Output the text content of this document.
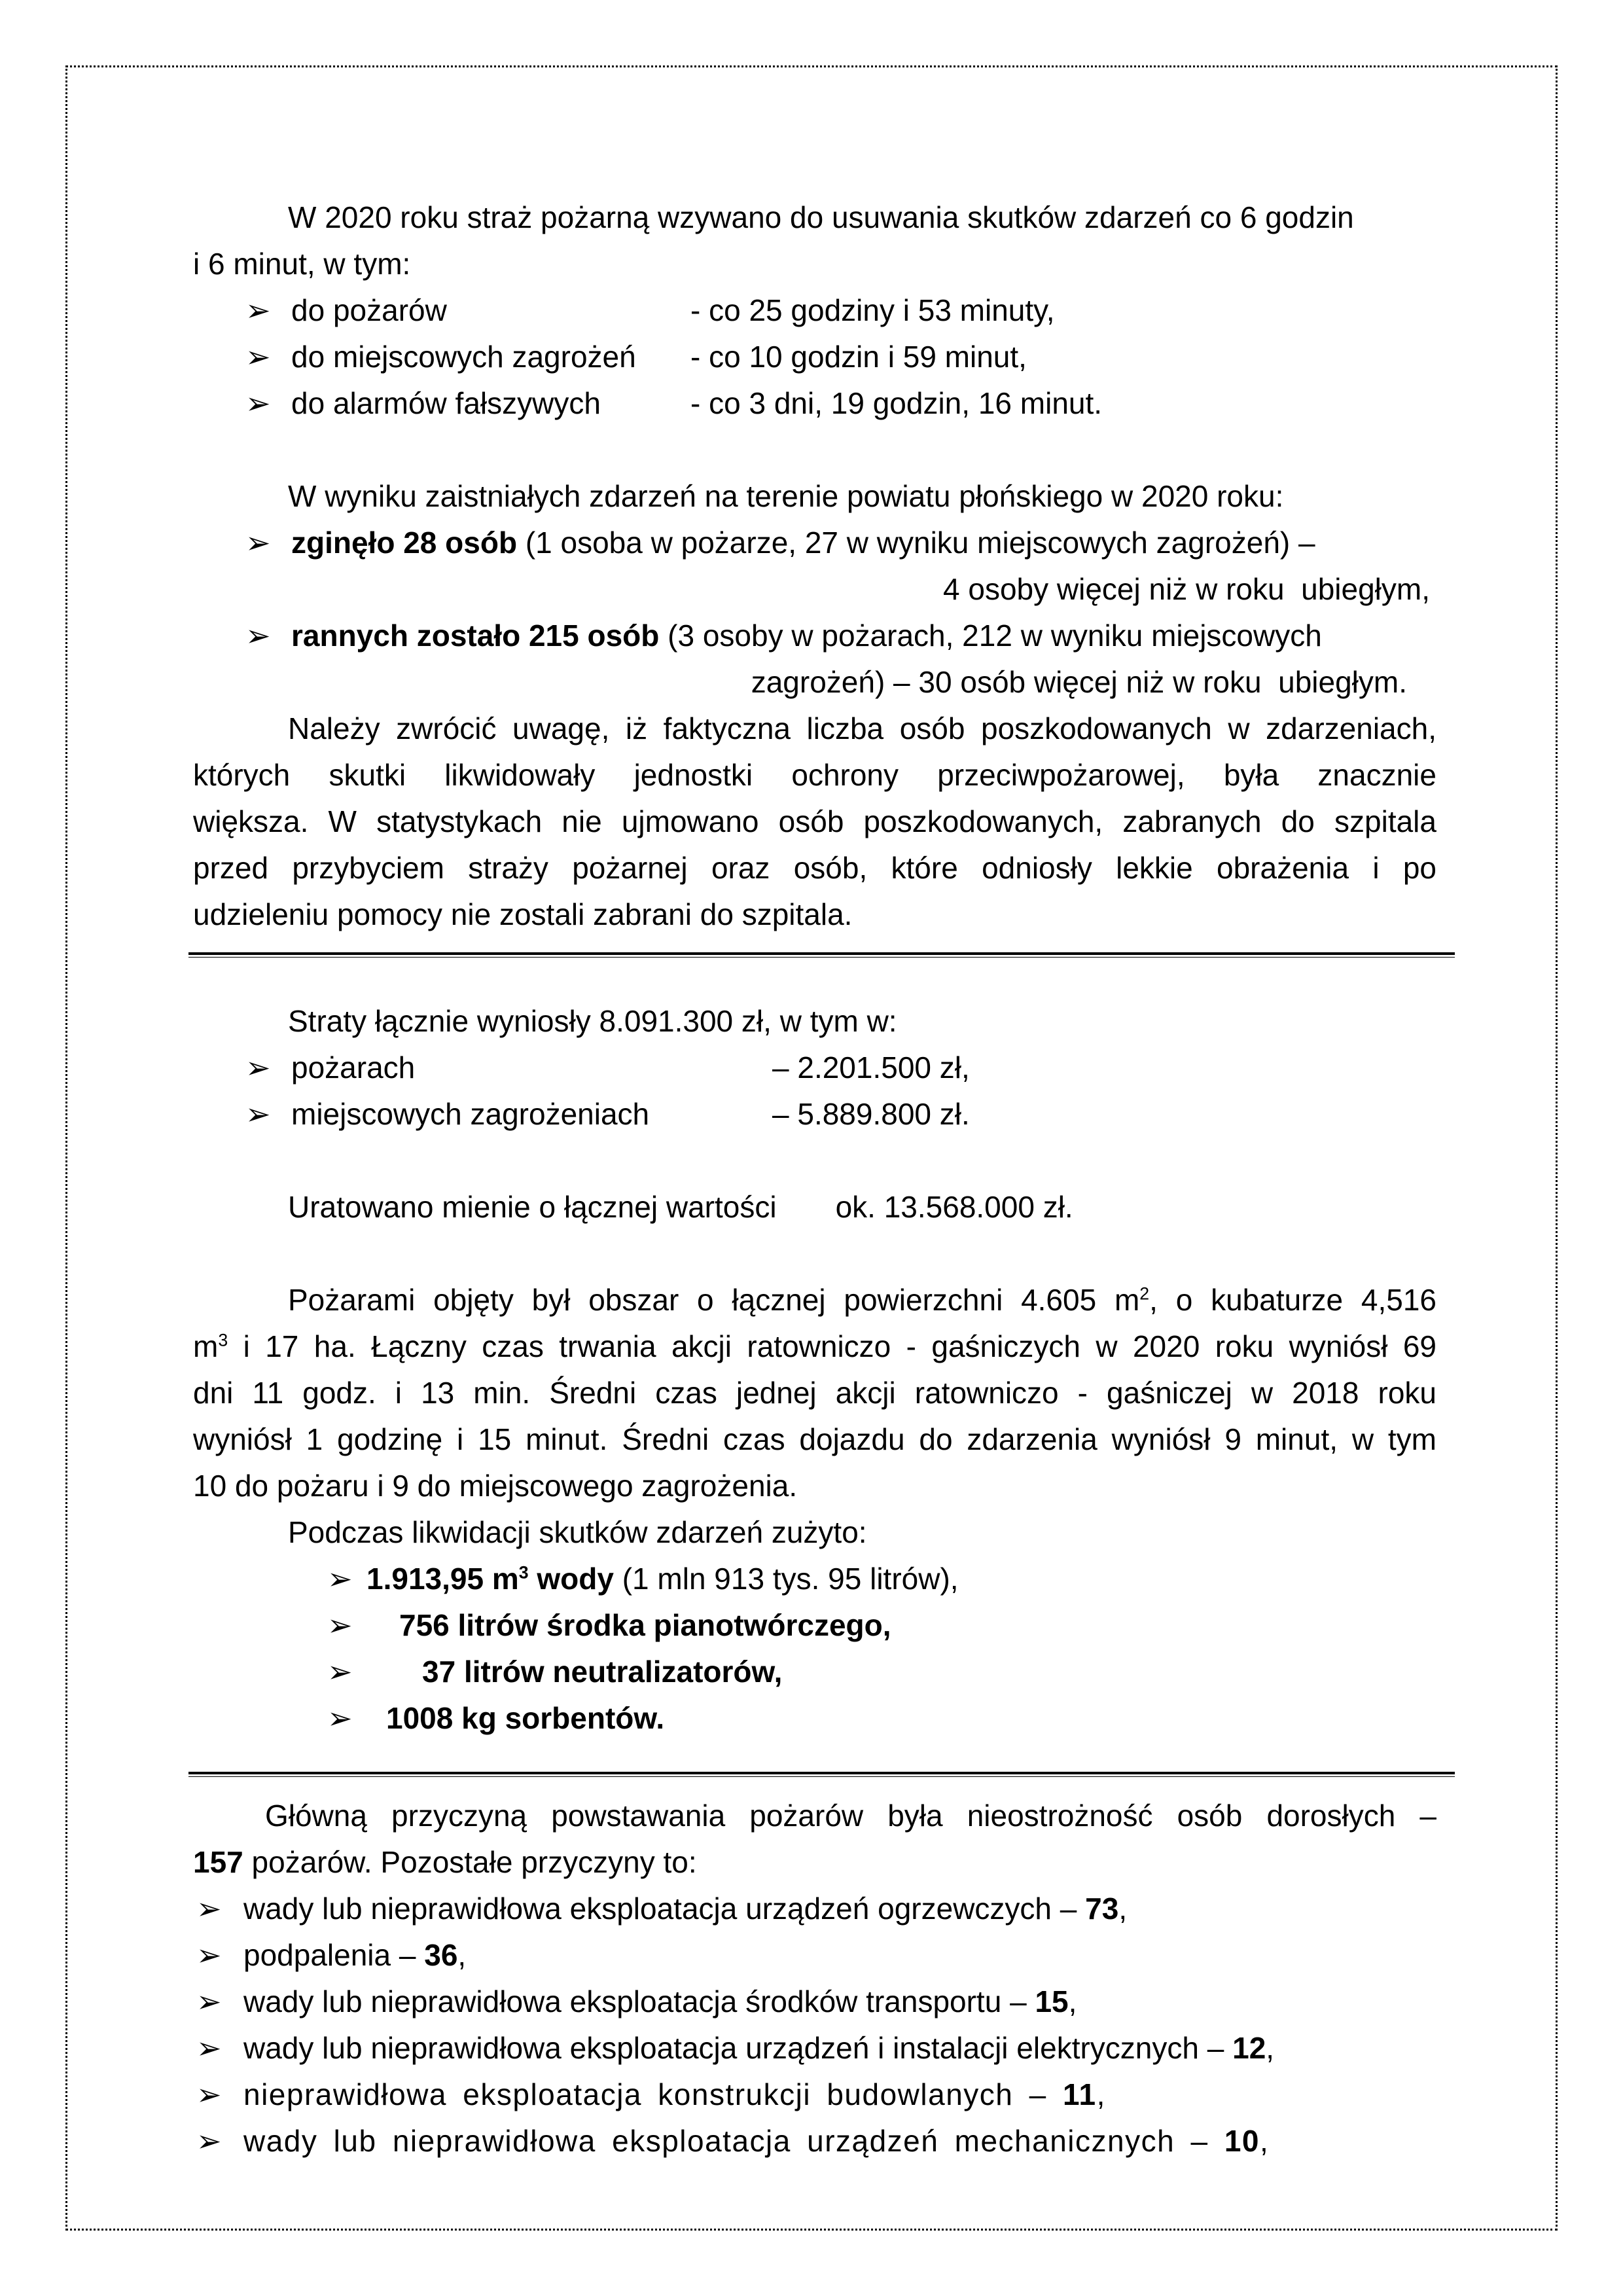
W 2020 roku straż pożarną wzywano do usuwania skutków zdarzeń co 6 godzin
i 6 minut, w tym:
➢ do pożarów	- co 25 godziny i 53 minuty,
➢ do miejscowych zagrożeń	- co 10 godzin i 59 minut,
➢ do alarmów fałszywych	- co 3 dni, 19 godzin, 16 minut.
W wyniku zaistniałych zdarzeń na terenie powiatu płońskiego w 2020 roku:
➢ zginęło 28 osób (1 osoba w pożarze, 27 w wyniku miejscowych zagrożeń) –
4 osoby więcej niż w roku  ubiegłym,
➢ rannych zostało 215 osób (3 osoby w pożarach, 212 w wyniku miejscowych
zagrożeń) – 30 osób więcej niż w roku  ubiegłym.
Należy zwrócić uwagę, iż faktyczna liczba osób poszkodowanych w zdarzeniach,
których skutki likwidowały jednostki ochrony przeciwpożarowej, była znacznie
większa. W statystykach nie ujmowano osób poszkodowanych, zabranych do szpitala
przed przybyciem straży pożarnej oraz osób, które odniosły lekkie obrażenia i po
udzieleniu pomocy nie zostali zabrani do szpitala.
Straty łącznie wyniosły 8.091.300 zł, w tym w:
➢ pożarach	– 2.201.500 zł,
➢ miejscowych zagrożeniach	– 5.889.800 zł.
Uratowano mienie o łącznej wartości ok. 13.568.000 zł.
Pożarami objęty był obszar o łącznej powierzchni 4.605 $m^2$, o kubaturze 4,516
$m^3$ i 17 ha. Łączny czas trwania akcji ratowniczo - gaśniczych w 2020 roku wyniósł 69
dni 11 godz. i 13 min. Średni czas jednej akcji ratowniczo - gaśniczej w 2018 roku
wyniósł 1 godzinę i 15 minut. Średni czas dojazdu do zdarzenia wyniósł 9 minut, w tym
10 do pożaru i 9 do miejscowego zagrożenia.
Podczas likwidacji skutków zdarzeń zużyto:
➢ 1.913,95 $m^3$ wody (1 mln 913 tys. 95 litrów),
➢	756 litrów środka pianotwórczego,
➢	37 litrów neutralizatorów,
➢	1008 kg sorbentów.
Główną przyczyną powstawania pożarów była nieostrożność osób dorosłych –
157 pożarów. Pozostałe przyczyny to:
➢ wady lub nieprawidłowa eksploatacja urządzeń ogrzewczych – 73,
➢ podpalenia – 36,
➢ wady lub nieprawidłowa eksploatacja środków transportu – 15,
➢ wady lub nieprawidłowa eksploatacja urządzeń i instalacji elektrycznych – 12,
➢ nieprawidłowa eksploatacja konstrukcji budowlanych – 11,
➢ wady lub nieprawidłowa eksploatacja urządzeń mechanicznych – 10,
